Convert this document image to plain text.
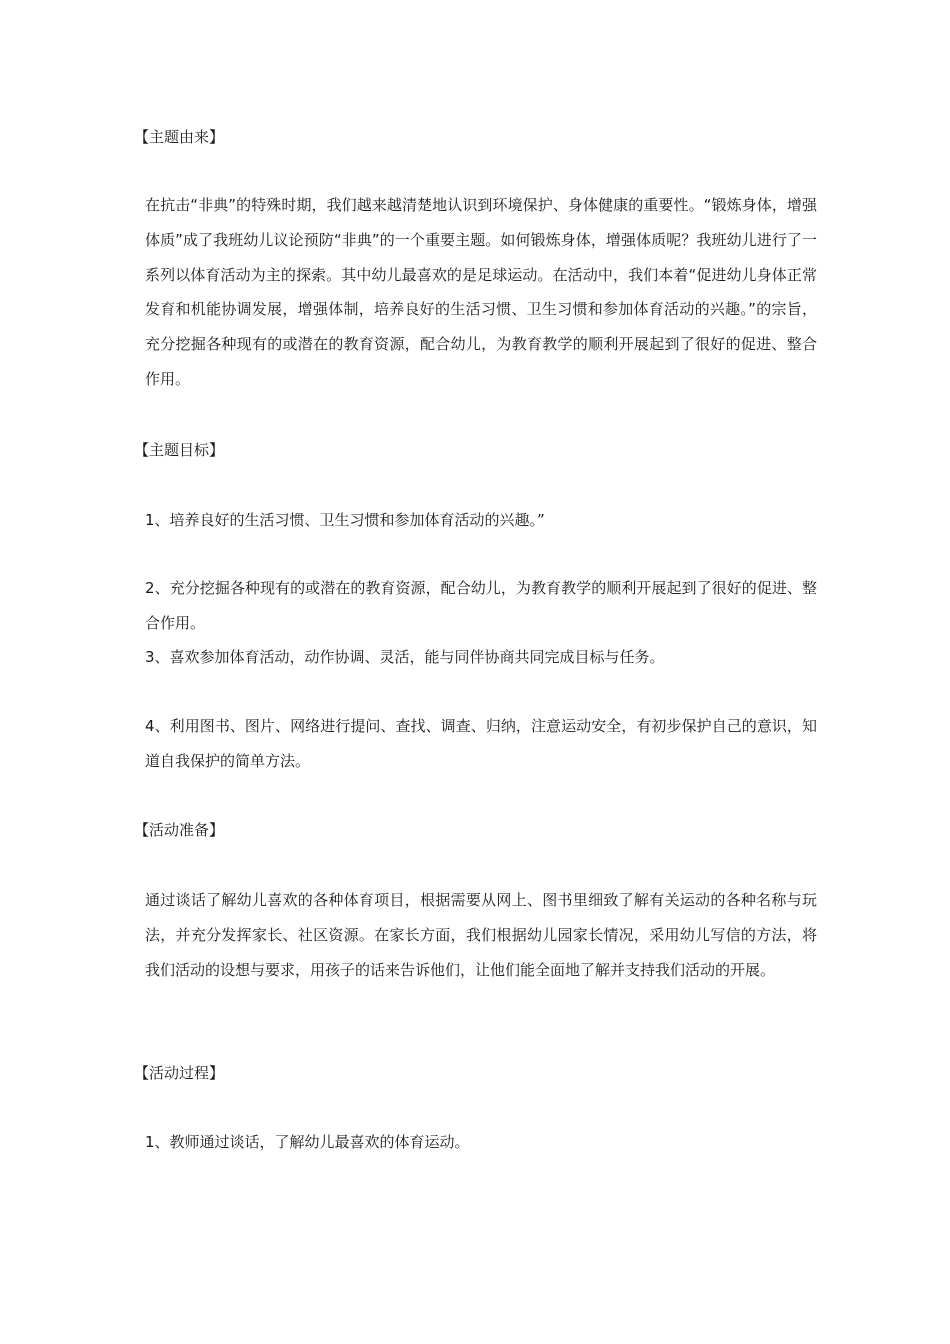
【主题由来】

在抗击“非典”的特殊时期，我们越来越清楚地认识到环境保护、身体健康的重要性。“锻炼身体，增强体质”成了我班幼儿议论预防“非典”的一个重要主题。如何锻炼身体，增强体质呢？我班幼儿进行了一系列以体育活动为主的探索。其中幼儿最喜欢的是足球运动。在活动中，我们本着“促进幼儿身体正常发育和机能协调发展，增强体制，培养良好的生活习惯、卫生习惯和参加体育活动的兴趣。”的宗旨，充分挖掘各种现有的或潜在的教育资源，配合幼儿，为教育教学的顺利开展起到了很好的促进、整合作用。

【主题目标】

1、培养良好的生活习惯、卫生习惯和参加体育活动的兴趣。”

2、充分挖掘各种现有的或潜在的教育资源，配合幼儿，为教育教学的顺利开展起到了很好的促进、整合作用。

3、喜欢参加体育活动，动作协调、灵活，能与同伴协商共同完成目标与任务。

4、利用图书、图片、网络进行提问、查找、调查、归纳，注意运动安全，有初步保护自己的意识，知道自我保护的简单方法。

【活动准备】

通过谈话了解幼儿喜欢的各种体育项目，根据需要从网上、图书里细致了解有关运动的各种名称与玩法，并充分发挥家长、社区资源。在家长方面，我们根据幼儿园家长情况，采用幼儿写信的方法，将我们活动的设想与要求，用孩子的话来告诉他们，让他们能全面地了解并支持我们活动的开展。

【活动过程】

1、教师通过谈话，了解幼儿最喜欢的体育运动。
